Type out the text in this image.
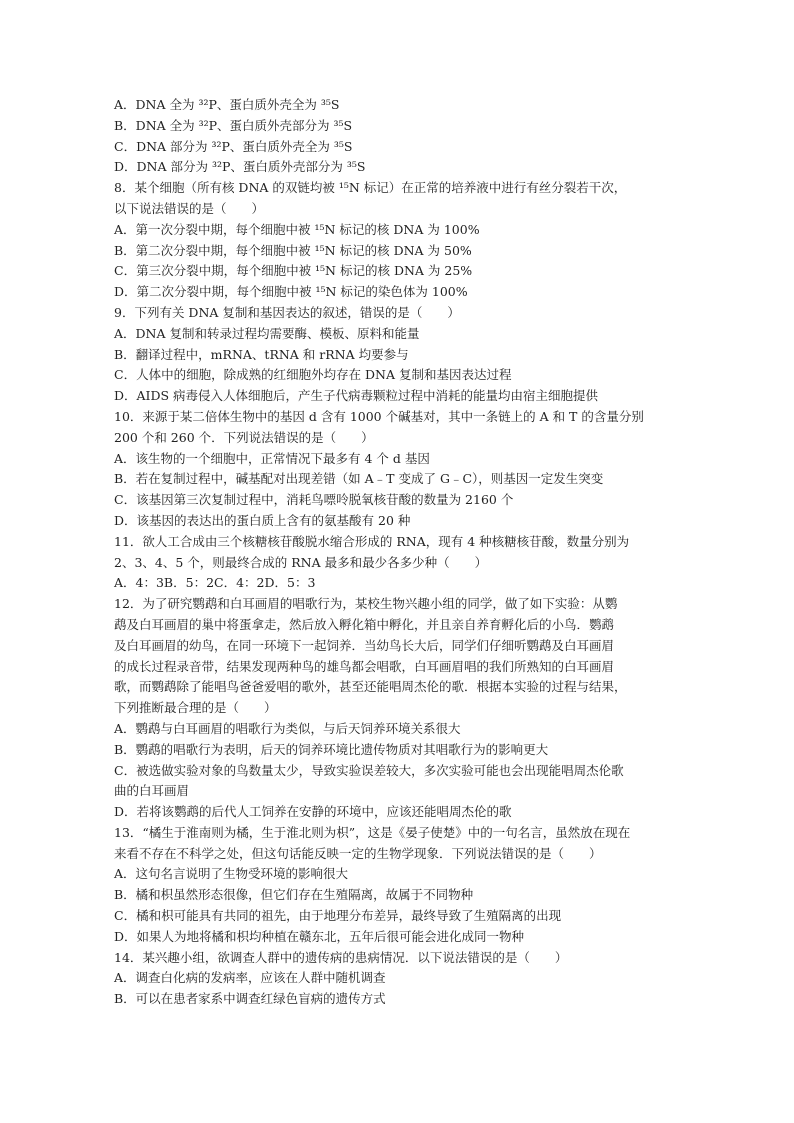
A．DNA 全为 ³²P、蛋白质外壳全为 ³⁵S
B．DNA 全为 ³²P、蛋白质外壳部分为 ³⁵S
C．DNA 部分为 ³²P、蛋白质外壳全为 ³⁵S
D．DNA 部分为 ³²P、蛋白质外壳部分为 ³⁵S
8．某个细胞（所有核 DNA 的双链均被 ¹⁵N 标记）在正常的培养液中进行有丝分裂若干次，
以下说法错误的是（　　）
A．第一次分裂中期，每个细胞中被 ¹⁵N 标记的核 DNA 为 100%
B．第二次分裂中期，每个细胞中被 ¹⁵N 标记的核 DNA 为 50%
C．第三次分裂中期，每个细胞中被 ¹⁵N 标记的核 DNA 为 25%
D．第二次分裂中期，每个细胞中被 ¹⁵N 标记的染色体为 100%
9．下列有关 DNA 复制和基因表达的叙述，错误的是（　　）
A．DNA 复制和转录过程均需要酶、模板、原料和能量
B．翻译过程中，mRNA、tRNA 和 rRNA 均要参与
C．人体中的细胞，除成熟的红细胞外均存在 DNA 复制和基因表达过程
D．AIDS 病毒侵入人体细胞后，产生子代病毒颗粒过程中消耗的能量均由宿主细胞提供
10．来源于某二倍体生物中的基因 d 含有 1000 个碱基对，其中一条链上的 A 和 T 的含量分别
200 个和 260 个．下列说法错误的是（　　）
A．该生物的一个细胞中，正常情况下最多有 4 个 d 基因
B．若在复制过程中，碱基配对出现差错（如 A﹣T 变成了 G﹣C），则基因一定发生突变
C．该基因第三次复制过程中，消耗鸟嘌呤脱氧核苷酸的数量为 2160 个
D．该基因的表达出的蛋白质上含有的氨基酸有 20 种
11．欲人工合成由三个核糖核苷酸脱水缩合形成的 RNA，现有 4 种核糖核苷酸，数量分别为
2、3、4、5 个，则最终合成的 RNA 最多和最少各多少种（　　）
A．4：3B．5：2C．4：2D．5：3
12．为了研究鹦鹉和白耳画眉的唱歌行为，某校生物兴趣小组的同学，做了如下实验：从鹦
鹉及白耳画眉的巢中将蛋拿走，然后放入孵化箱中孵化，并且亲自养育孵化后的小鸟．鹦鹉
及白耳画眉的幼鸟，在同一环境下一起饲养．当幼鸟长大后，同学们仔细听鹦鹉及白耳画眉
的成长过程录音带，结果发现两种鸟的雄鸟都会唱歌，白耳画眉唱的我们所熟知的白耳画眉
歌，而鹦鹉除了能唱鸟爸爸爱唱的歌外，甚至还能唱周杰伦的歌．根据本实验的过程与结果，
下列推断最合理的是（　　）
A．鹦鹉与白耳画眉的唱歌行为类似，与后天饲养环境关系很大
B．鹦鹉的唱歌行为表明，后天的饲养环境比遗传物质对其唱歌行为的影响更大
C．被选做实验对象的鸟数量太少，导致实验误差较大，多次实验可能也会出现能唱周杰伦歌
曲的白耳画眉
D．若将该鹦鹉的后代人工饲养在安静的环境中，应该还能唱周杰伦的歌
13．“橘生于淮南则为橘，生于淮北则为枳”，这是《晏子使楚》中的一句名言，虽然放在现在
来看不存在不科学之处，但这句话能反映一定的生物学现象．下列说法错误的是（　　）
A．这句名言说明了生物受环境的影响很大
B．橘和枳虽然形态很像，但它们存在生殖隔离，故属于不同物种
C．橘和枳可能具有共同的祖先，由于地理分布差异，最终导致了生殖隔离的出现
D．如果人为地将橘和枳均种植在赣东北，五年后很可能会进化成同一物种
14．某兴趣小组，欲调查人群中的遗传病的患病情况．以下说法错误的是（　　）
A．调查白化病的发病率，应该在人群中随机调查
B．可以在患者家系中调查红绿色盲病的遗传方式
